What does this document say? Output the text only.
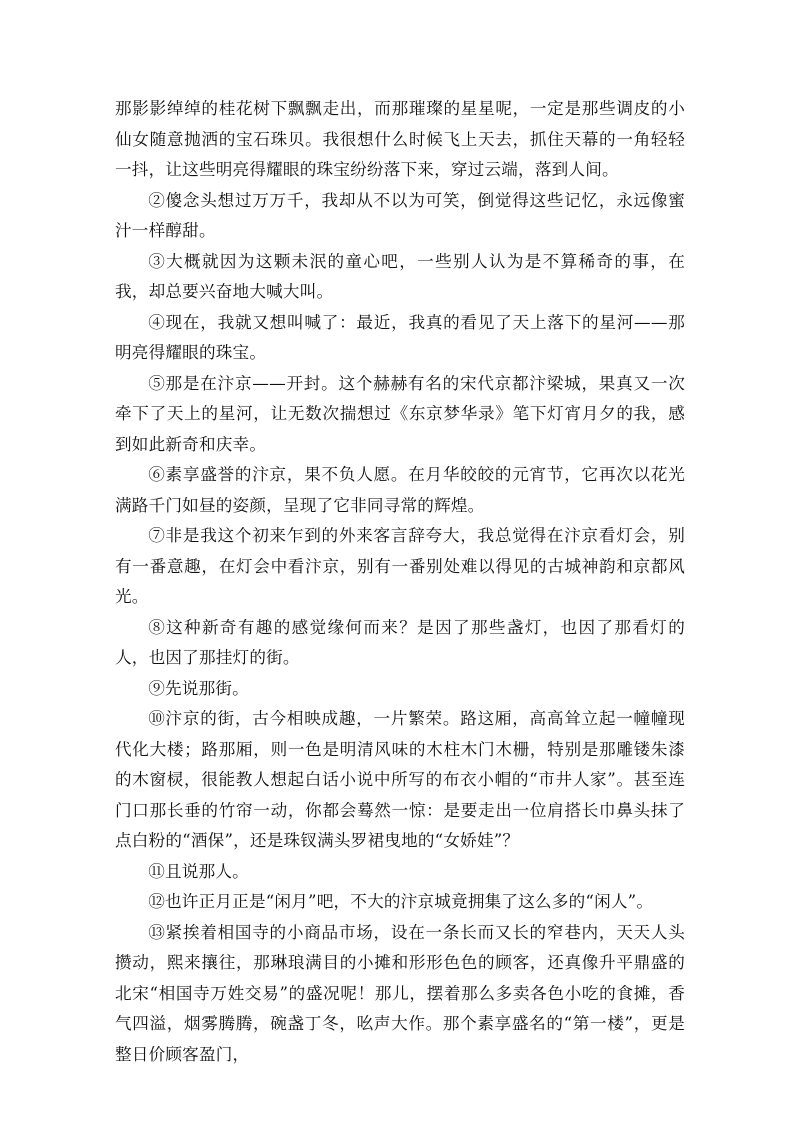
那影影绰绰的桂花树下飘飘走出，而那璀璨的星星呢，一定是那些调皮的小仙女随意抛洒的宝石珠贝。我很想什么时候飞上天去，抓住天幕的一角轻轻一抖，让这些明亮得耀眼的珠宝纷纷落下来，穿过云端，落到人间。

②傻念头想过万万千，我却从不以为可笑，倒觉得这些记忆，永远像蜜汁一样醇甜。

③大概就因为这颗未泯的童心吧，一些别人认为是不算稀奇的事，在我，却总要兴奋地大喊大叫。

④现在，我就又想叫喊了：最近，我真的看见了天上落下的星河——那明亮得耀眼的珠宝。

⑤那是在汴京——开封。这个赫赫有名的宋代京都汴梁城，果真又一次牵下了天上的星河，让无数次揣想过《东京梦华录》笔下灯宵月夕的我，感到如此新奇和庆幸。

⑥素享盛誉的汴京，果不负人愿。在月华皎皎的元宵节，它再次以花光满路千门如昼的姿颜，呈现了它非同寻常的辉煌。

⑦非是我这个初来乍到的外来客言辞夸大，我总觉得在汴京看灯会，别有一番意趣，在灯会中看汴京，别有一番别处难以得见的古城神韵和京都风光。

⑧这种新奇有趣的感觉缘何而来？是因了那些盏灯，也因了那看灯的人，也因了那挂灯的街。

⑨先说那街。

⑩汴京的街，古今相映成趣，一片繁荣。路这厢，高高耸立起一幢幢现代化大楼；路那厢，则一色是明清风味的木柱木门木栅，特别是那雕镂朱漆的木窗棂，很能教人想起白话小说中所写的布衣小帽的“市井人家”。甚至连门口那长垂的竹帘一动，你都会蓦然一惊：是要走出一位肩搭长巾鼻头抹了点白粉的“酒保”，还是珠钗满头罗裙曳地的“女娇娃”？

⑪且说那人。

⑫也许正月正是“闲月”吧，不大的汴京城竟拥集了这么多的“闲人”。

⑬紧挨着相国寺的小商品市场，设在一条长而又长的窄巷内，天天人头攒动，熙来攘往，那琳琅满目的小摊和形形色色的顾客，还真像升平鼎盛的北宋“相国寺万姓交易”的盛况呢！那儿，摆着那么多卖各色小吃的食摊，香气四溢，烟雾腾腾，碗盏丁冬，吆声大作。那个素享盛名的“第一楼”，更是整日价顾客盈门，
